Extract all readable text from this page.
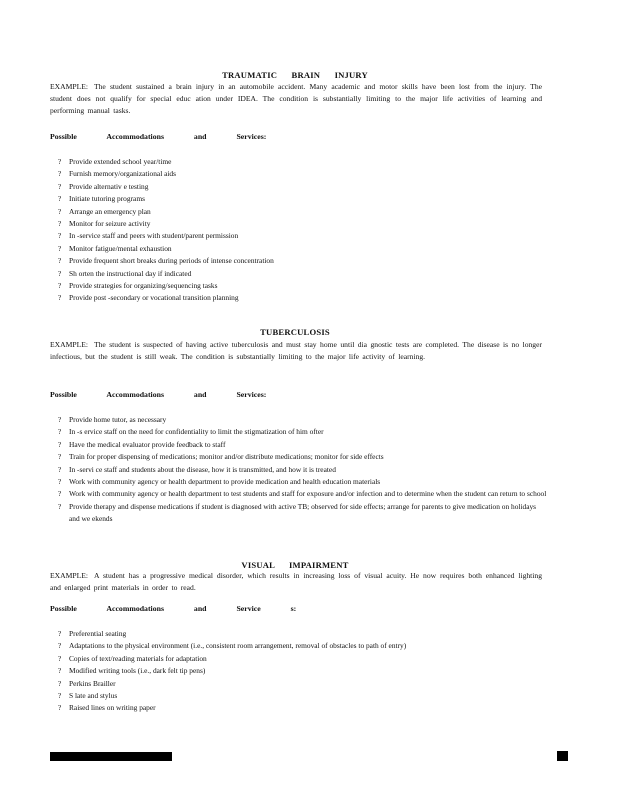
TRAUMATIC BRAIN INJURY
EXAMPLE: The student sustained a brain injury in an automobile accident. Many academic and motor skills have been lost from the injury. The student does not qualify for special educ ation under IDEA. The condition is substantially limiting to the major life activities of learning and performing manual tasks.
Possible Accommodations and Services:
? Provide extended school year/time
? Furnish memory/organizational aids
? Provide alternativ e testing
? Initiate tutoring programs
? Arrange an emergency plan
? Monitor for seizure activity
? In -service staff and peers with student/parent permission
? Monitor fatigue/mental exhaustion
? Provide frequent short breaks during periods of intense concentration
? Sh orten the instructional day if indicated
? Provide strategies for organizing/sequencing tasks
? Provide post -secondary or vocational transition planning
TUBERCULOSIS
EXAMPLE: The student is suspected of having active tuberculosis and must stay home until dia gnostic tests are completed. The disease is no longer infectious, but the student is still weak. The condition is substantially limiting to the major life activity of learning.
Possible Accommodations and Services:
? Provide home tutor, as necessary
? In -s ervice staff on the need for confidentiality to limit the stigmatization of him ofter
? Have the medical evaluator provide feedback to staff
? Train for proper dispensing of medications; monitor and/or distribute medications; monitor for side effects
? In -servi ce staff and students about the disease, how it is transmitted, and how it is treated
? Work with community agency or health department to provide medication and health education materials
? Work with community agency or health department to test students and staff for exposure and/or infection and to determine when the student can return to school
? Provide therapy and dispense medications if student is diagnosed with active TB; observed for side effects; arrange for parents to give medication on holidays and we ekends
VISUAL IMPAIRMENT
EXAMPLE: A student has a progressive medical disorder, which results in increasing loss of visual acuity. He now requires both enhanced lighting and enlarged print materials in order to read.
Possible Accommodations and Service s:
? Preferential seating
? Adaptations to the physical environment (i.e., consistent room arrangement, removal of obstacles to path of entry)
? Copies of text/reading materials for adaptation
? Modified writing tools (i.e., dark felt tip pens)
? Perkins Brailler
? S late and stylus
? Raised lines on writing paper
